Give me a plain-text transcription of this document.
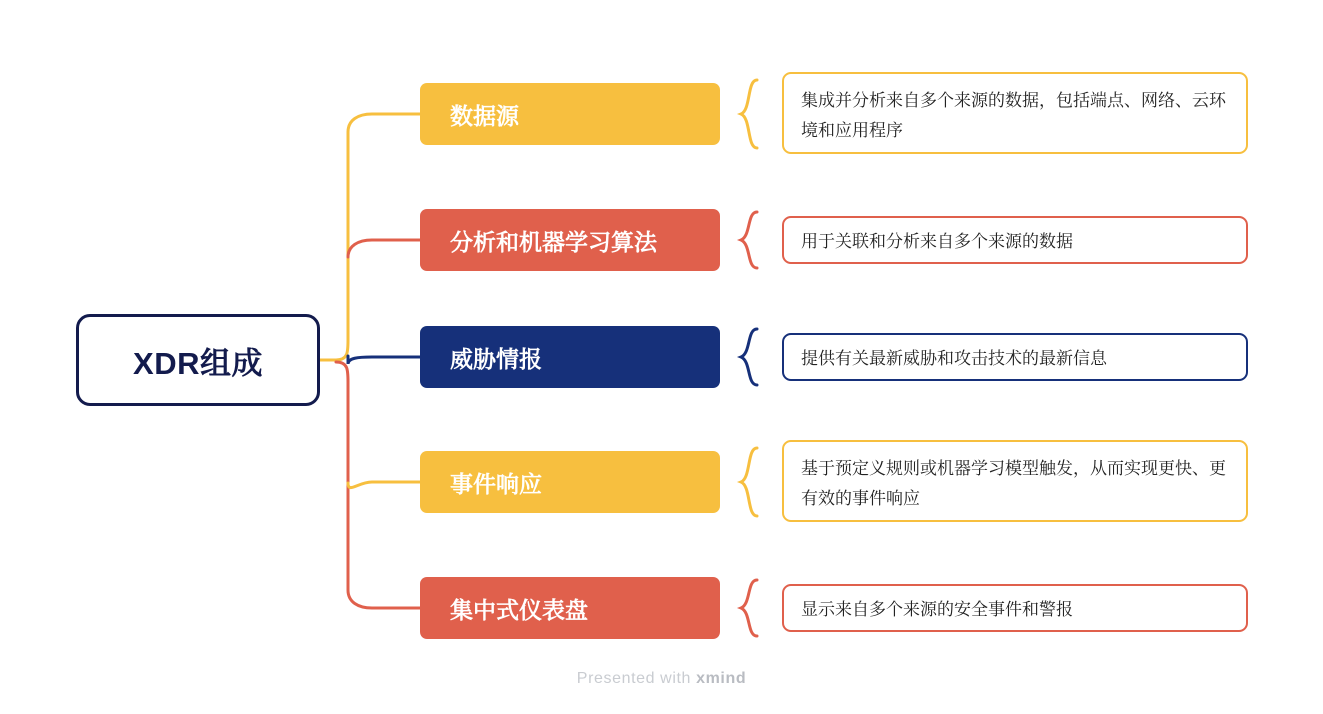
XDR组成
数据源
集成并分析来自多个来源的数据，包括端点、网络、云环境和应用程序
分析和机器学习算法	用于关联和分析来自多个来源的数据
威胁情报	提供有关最新威胁和攻击技术的最新信息
事件响应
基于预定义规则或机器学习模型触发，从而实现更快、更有效的事件响应
集中式仪表盘	显示来自多个来源的安全事件和警报
Presented with xmind
